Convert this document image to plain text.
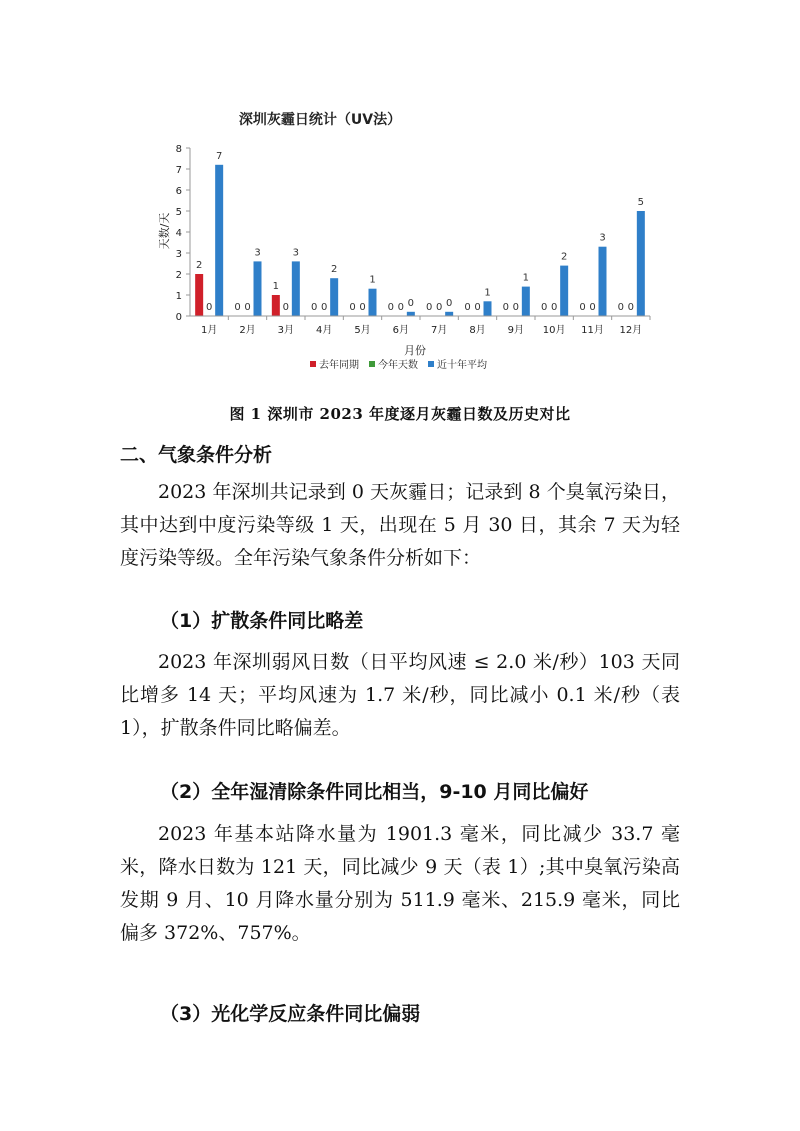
深圳灰霾日统计（UV法）
天数/天
0
1
2
3
4
5
6
7
8
2
0
7
0 0
3
1
0
3
0 0
2
0 0
1
0 0 0 0 0 0 0 0
1
0 0
1
0 0
2
0 0
3
0 0
5
1月 2月 3月 4月 5月 6月 7月 8月 9月 10月 11月 12月
月份
去年同期 今年天数 近十年平均
图 1 深圳市 2023 年度逐月灰霾日数及历史对比
二、气象条件分析
2023 年深圳共记录到 0 天灰霾日；记录到 8 个臭氧污染日，其中达到中度污染等级 1 天，出现在 5 月 30 日，其余 7 天为轻度污染等级。全年污染气象条件分析如下：
（1）扩散条件同比略差
2023 年深圳弱风日数（日平均风速 ≤ 2.0 米/秒）103 天同比增多 14 天；平均风速为 1.7 米/秒，同比减小 0.1 米/秒（表 1），扩散条件同比略偏差。
（2）全年湿清除条件同比相当，9-10 月同比偏好
2023 年基本站降水量为 1901.3 毫米，同比减少 33.7 毫米，降水日数为 121 天，同比减少 9 天（表 1）;其中臭氧污染高发期 9 月、10 月降水量分别为 511.9 毫米、215.9 毫米，同比偏多 372%、757%。
（3）光化学反应条件同比偏弱
